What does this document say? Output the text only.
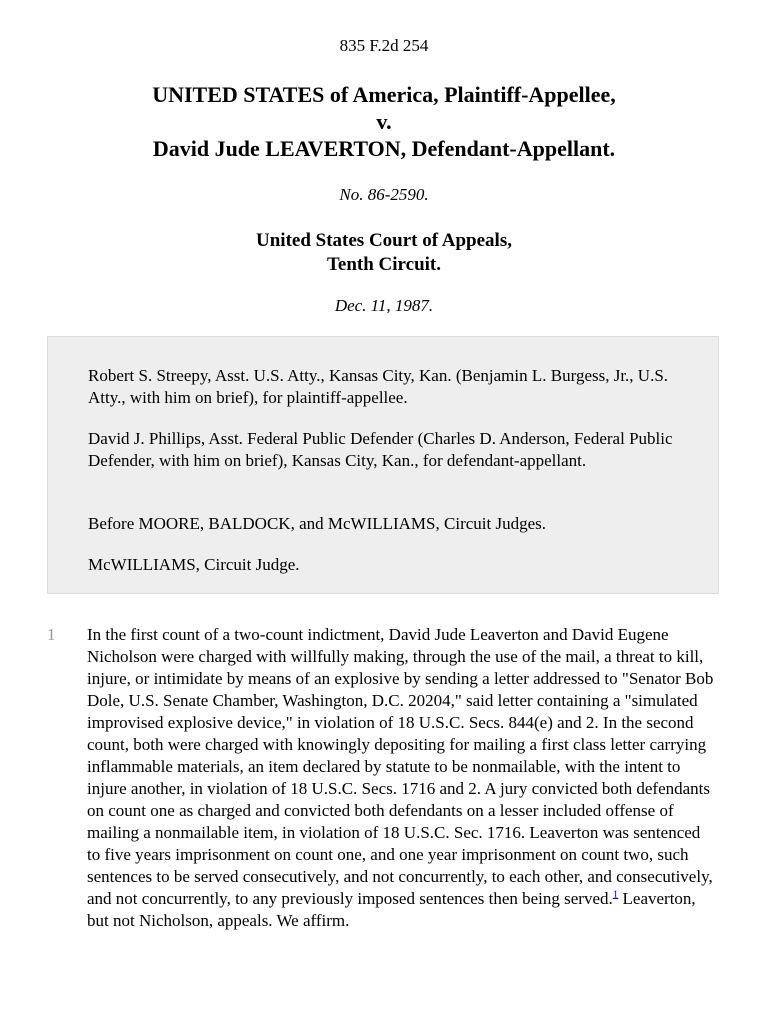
835 F.2d 254
UNITED STATES of America, Plaintiff-Appellee,
v.
David Jude LEAVERTON, Defendant-Appellant.
No. 86-2590.
United States Court of Appeals,
Tenth Circuit.
Dec. 11, 1987.

Robert S. Streepy, Asst. U.S. Atty., Kansas City, Kan. (Benjamin L. Burgess, Jr., U.S. Atty., with him on brief), for plaintiff-appellee.

David J. Phillips, Asst. Federal Public Defender (Charles D. Anderson, Federal Public Defender, with him on brief), Kansas City, Kan., for defendant-appellant.

Before MOORE, BALDOCK, and McWILLIAMS, Circuit Judges.

McWILLIAMS, Circuit Judge.

1 In the first count of a two-count indictment, David Jude Leaverton and David Eugene Nicholson were charged with willfully making, through the use of the mail, a threat to kill, injure, or intimidate by means of an explosive by sending a letter addressed to "Senator Bob Dole, U.S. Senate Chamber, Washington, D.C. 20204," said letter containing a "simulated improvised explosive device," in violation of 18 U.S.C. Secs. 844(e) and 2. In the second count, both were charged with knowingly depositing for mailing a first class letter carrying inflammable materials, an item declared by statute to be nonmailable, with the intent to injure another, in violation of 18 U.S.C. Secs. 1716 and 2. A jury convicted both defendants on count one as charged and convicted both defendants on a lesser included offense of mailing a nonmailable item, in violation of 18 U.S.C. Sec. 1716. Leaverton was sentenced to five years imprisonment on count one, and one year imprisonment on count two, such sentences to be served consecutively, and not concurrently, to each other, and consecutively, and not concurrently, to any previously imposed sentences then being served.$^1$ Leaverton, but not Nicholson, appeals. We affirm.
